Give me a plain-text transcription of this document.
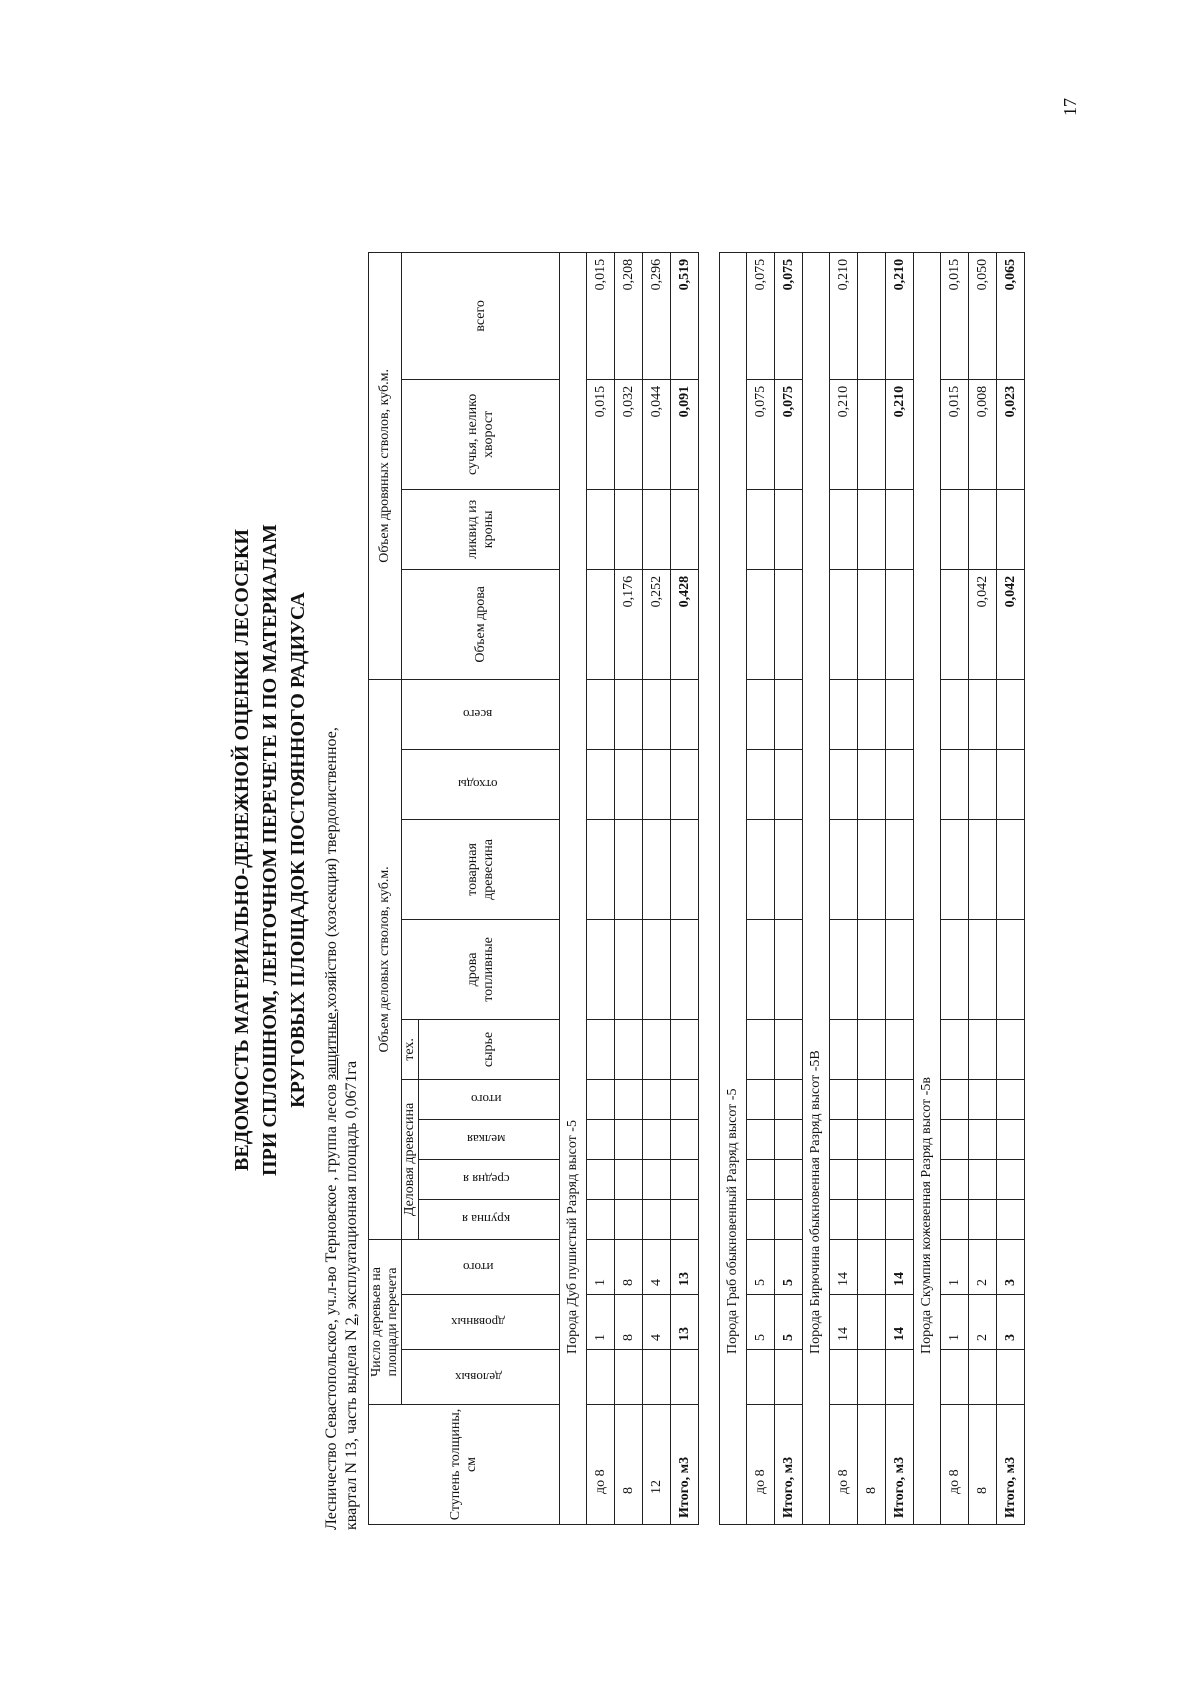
17
ВЕДОМОСТЬ МАТЕРИАЛЬНО-ДЕНЕЖНОЙ ОЦЕНКИ ЛЕСОСЕКИ ПРИ СПЛОШНОМ, ЛЕНТОЧНОМ ПЕРЕЧЕТЕ И ПО МАТЕРИАЛАМ КРУГОВЫХ ПЛОЩАДОК ПОСТОЯННОГО РАДИУСА
Лесничество Севастопольское, уч.л-во Терновское , группа лесов защитные,хозяйство (хозсекция) твердолиственное,
квартал N 13, часть выдела N 2, эксплуатационная площадь 0,0671га
Ступень толщины, см	Число деревьев на площади перечета			Объем деловых стволов, куб.м.									Объем дровяных стволов, куб.м.			
	деловых	дровяных	итого	Деловая древесина				тех.	дрова топливные	товарная древесина	отходы	всего	Объем дрова	ликвид из кроны	сучья, нелико хворост	всего
				крупна я	средня я	мелкая	итого	сырье								

Порода Дуб пушистый Разряд высот -5																
до 8		1	1												0,015	0,015
8		8	8										0,176		0,032	0,208
12		4	4										0,252		0,044	0,296
Итого, м3		13	13										0,428		0,091	0,519

Порода Граб обыкновенный Разряд высот -5																
до 8		5	5												0,075	0,075
Итого, м3		5	5												0,075	0,075
Порода Бирючина обыкновенная Разряд высот -5В																
до 8		14	14												0,210	0,210
8																
Итого, м3		14	14												0,210	0,210
Порода Скумпия кожевенная Разряд высот -5в																
до 8		1	1												0,015	0,015
8		2	2										0,042		0,008	0,050
Итого, м3		3	3										0,042		0,023	0,065
